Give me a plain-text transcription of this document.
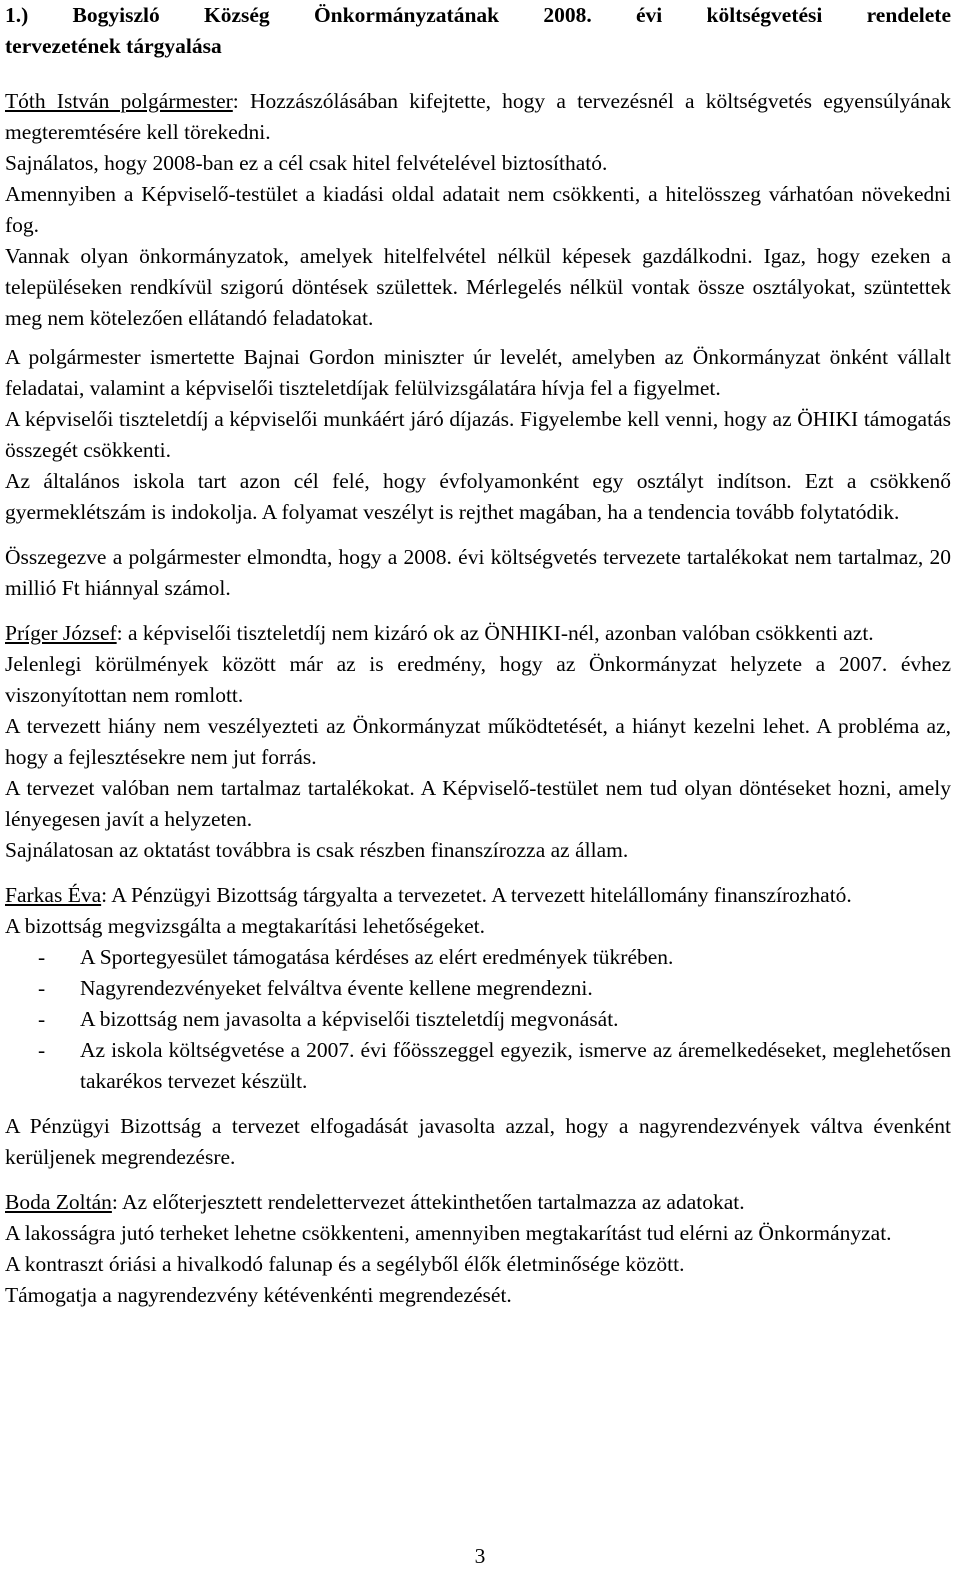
1.) Bogyiszló Község Önkormányzatának 2008. évi költségvetési rendelete
tervezetének tárgyalása

Tóth István polgármester: Hozzászólásában kifejtette, hogy a tervezésnél a költségvetés egyensúlyának megteremtésére kell törekedni.

Sajnálatos, hogy 2008-ban ez a cél csak hitel felvételével biztosítható.

Amennyiben a Képviselő-testület a kiadási oldal adatait nem csökkenti, a hitelösszeg várhatóan növekedni fog.

Vannak olyan önkormányzatok, amelyek hitelfelvétel nélkül képesek gazdálkodni. Igaz, hogy ezeken a településeken rendkívül szigorú döntések születtek. Mérlegelés nélkül vontak össze osztályokat, szüntettek meg nem kötelezően ellátandó feladatokat.

A polgármester ismertette Bajnai Gordon miniszter úr levelét, amelyben az Önkormányzat önként vállalt feladatai, valamint a képviselői tiszteletdíjak felülvizsgálatára hívja fel a figyelmet.

A képviselői tiszteletdíj a képviselői munkáért járó díjazás. Figyelembe kell venni, hogy az ÖHIKI támogatás összegét csökkenti.

Az általános iskola tart azon cél felé, hogy évfolyamonként egy osztályt indítson. Ezt a csökkenő gyermeklétszám is indokolja. A folyamat veszélyt is rejthet magában, ha a tendencia tovább folytatódik.

Összegezve a polgármester elmondta, hogy a 2008. évi költségvetés tervezete tartalékokat nem tartalmaz, 20 millió Ft hiánnyal számol.

Príger József: a képviselői tiszteletdíj nem kizáró ok az ÖNHIKI-nél, azonban valóban csökkenti azt.

Jelenlegi körülmények között már az is eredmény, hogy az Önkormányzat helyzete a 2007. évhez viszonyítottan nem romlott.

A tervezett hiány nem veszélyezteti az Önkormányzat működtetését, a hiányt kezelni lehet. A probléma az, hogy a fejlesztésekre nem jut forrás.

A tervezet valóban nem tartalmaz tartalékokat. A Képviselő-testület nem tud olyan döntéseket hozni, amely lényegesen javít a helyzeten.

Sajnálatosan az oktatást továbbra is csak részben finanszírozza az állam.

Farkas Éva: A Pénzügyi Bizottság tárgyalta a tervezetet. A tervezett hitelállomány finanszírozható.

A bizottság megvizsgálta a megtakarítási lehetőségeket.

- A Sportegyesület támogatása kérdéses az elért eredmények tükrében.
- Nagyrendezvényeket felváltva évente kellene megrendezni.
- A bizottság nem javasolta a képviselői tiszteletdíj megvonását.
- Az iskola költségvetése a 2007. évi főösszeggel egyezik, ismerve az áremelkedéseket, meglehetősen takarékos tervezet készült.

A Pénzügyi Bizottság a tervezet elfogadását javasolta azzal, hogy a nagyrendezvények váltva évenként kerüljenek megrendezésre.

Boda Zoltán: Az előterjesztett rendelettervezet áttekinthetően tartalmazza az adatokat.

A lakosságra jutó terheket lehetne csökkenteni, amennyiben megtakarítást tud elérni az Önkormányzat.

A kontraszt óriási a hivalkodó falunap és a segélyből élők életminősége között.

Támogatja a nagyrendezvény kétévenkénti megrendezését.

3
